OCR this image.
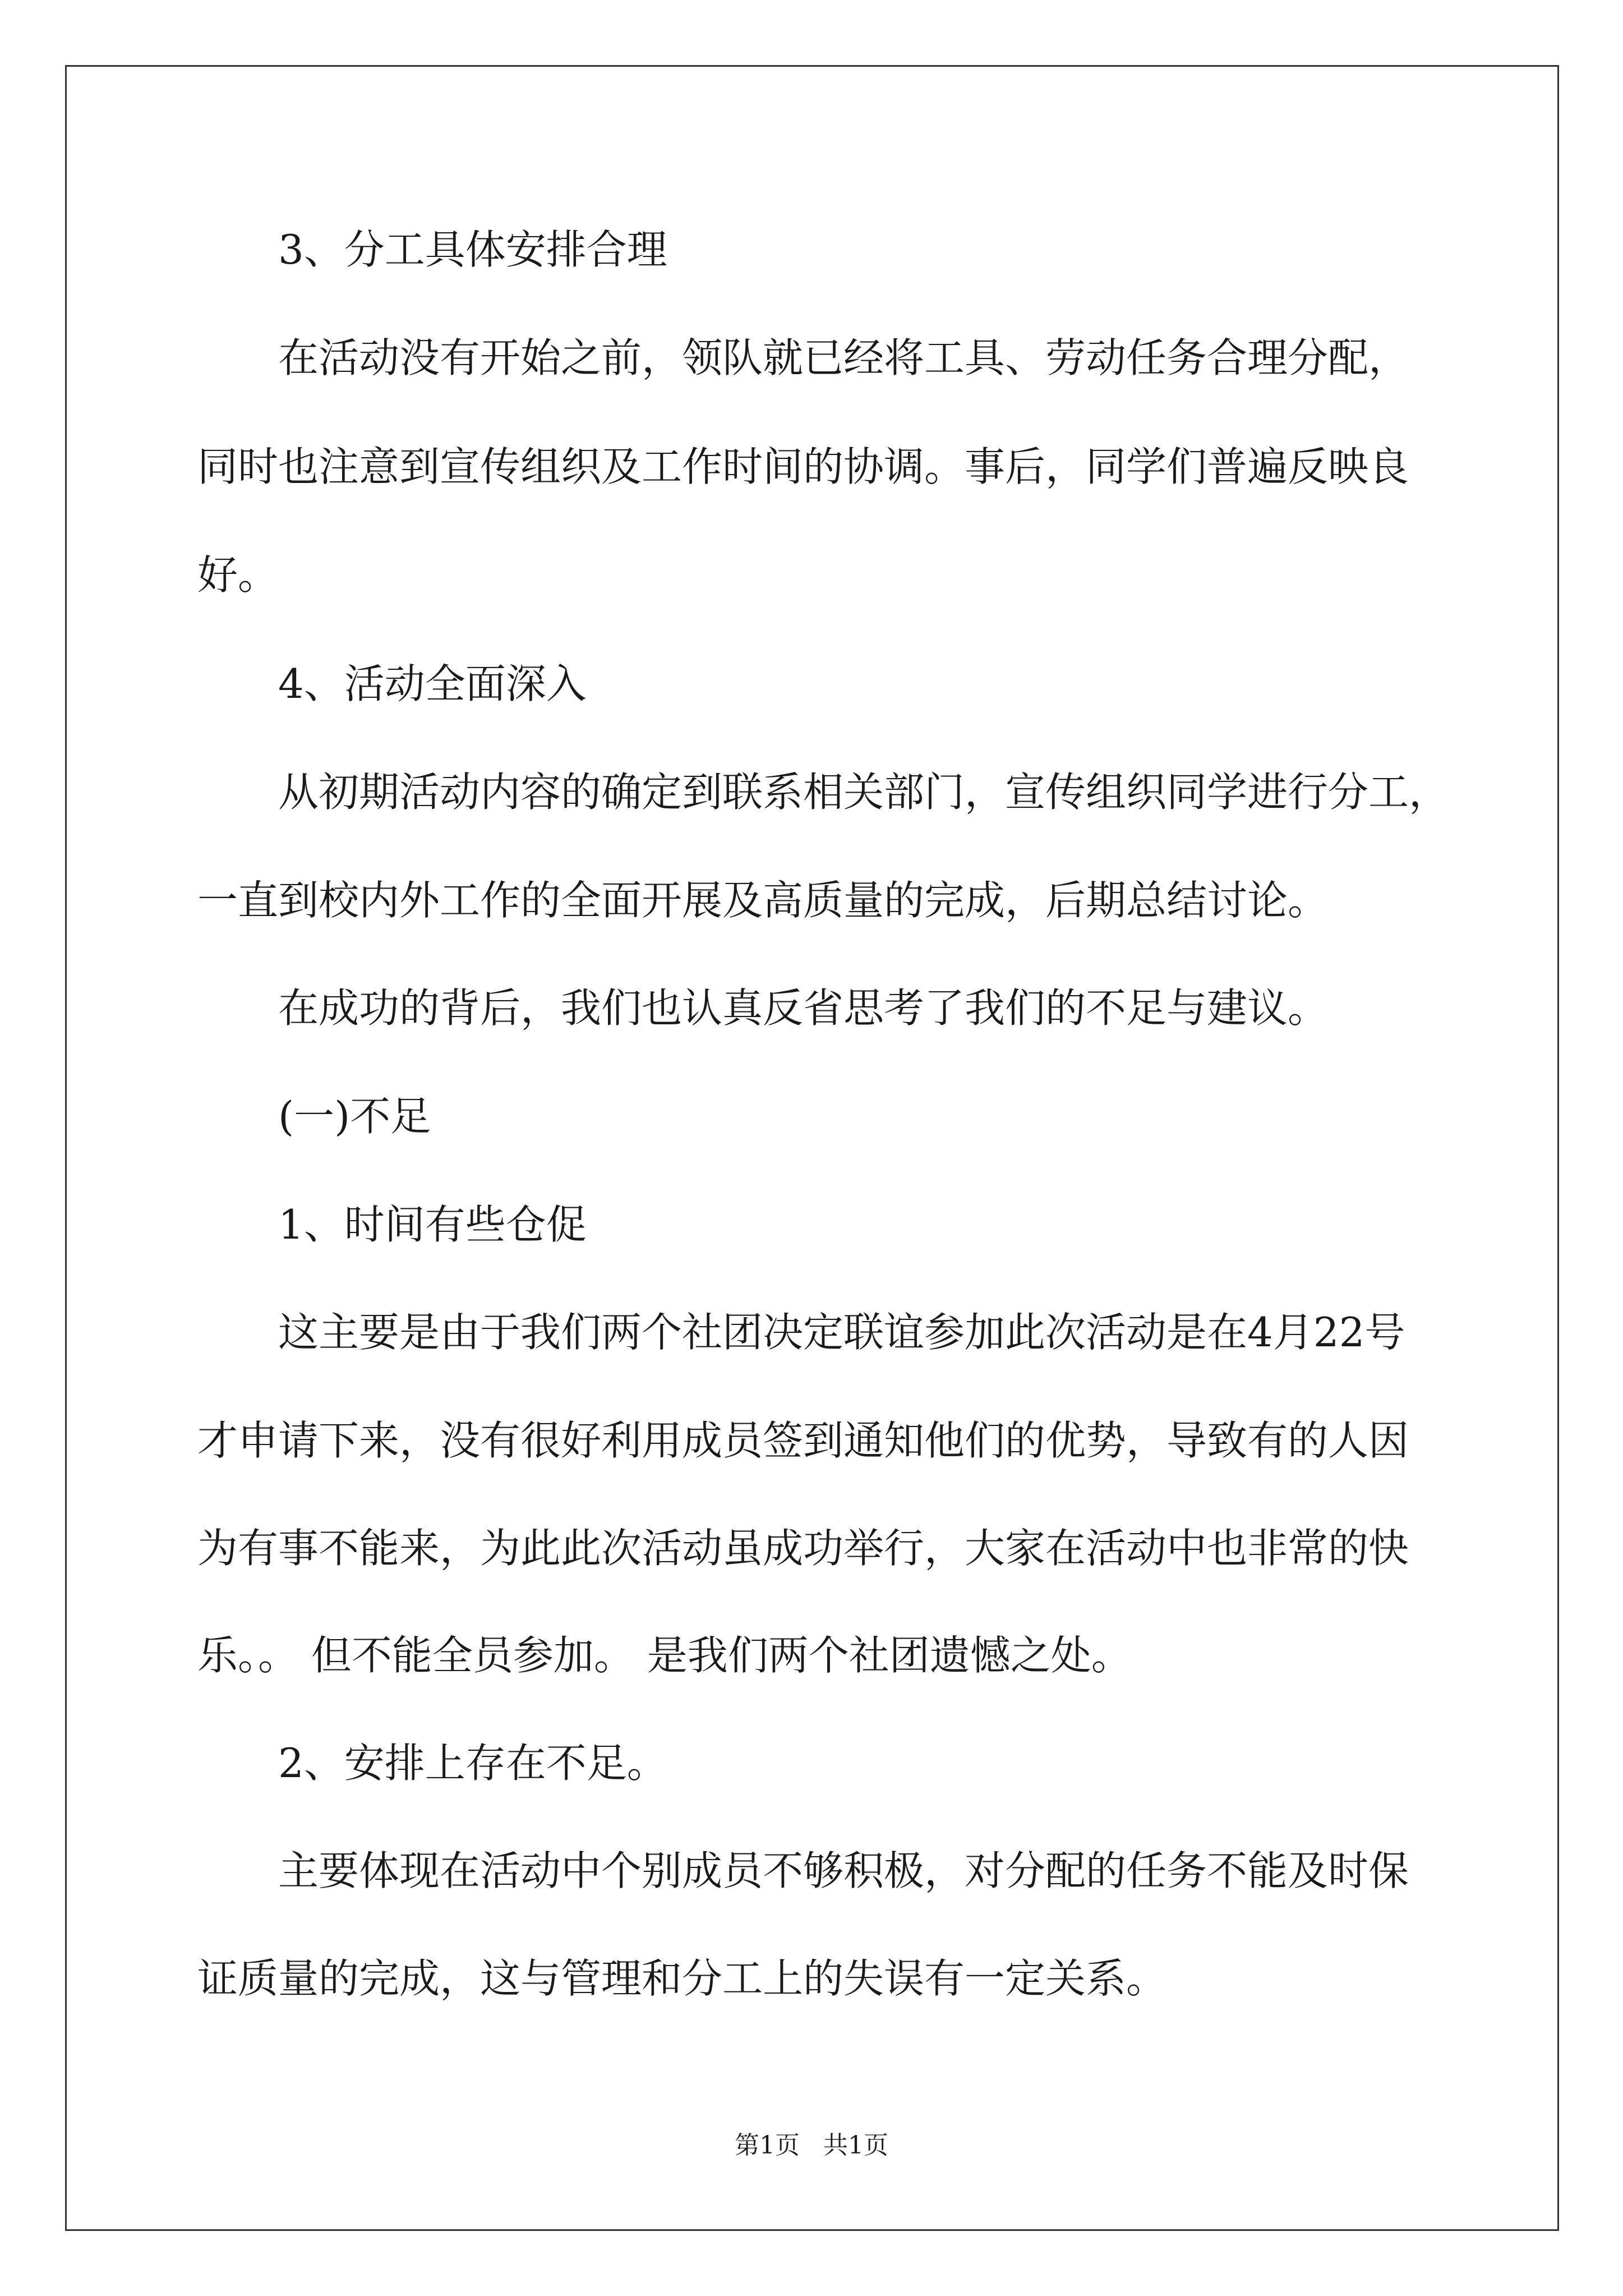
3、分工具体安排合理
在活动没有开始之前，领队就已经将工具、劳动任务合理分配，
同时也注意到宣传组织及工作时间的协调。事后，同学们普遍反映良
好。
4、活动全面深入
从初期活动内容的确定到联系相关部门，宣传组织同学进行分工，
一直到校内外工作的全面开展及高质量的完成，后期总结讨论。
在成功的背后，我们也认真反省思考了我们的不足与建议。
(一)不足
1、时间有些仓促
这主要是由于我们两个社团决定联谊参加此次活动是在4月22号
才申请下来，没有很好利用成员签到通知他们的优势，导致有的人因
为有事不能来，为此此次活动虽成功举行，大家在活动中也非常的快
乐。。 但不能全员参加。 是我们两个社团遗憾之处。
2、安排上存在不足。
主要体现在活动中个别成员不够积极，对分配的任务不能及时保
证质量的完成，这与管理和分工上的失误有一定关系。
第1页   共1页
